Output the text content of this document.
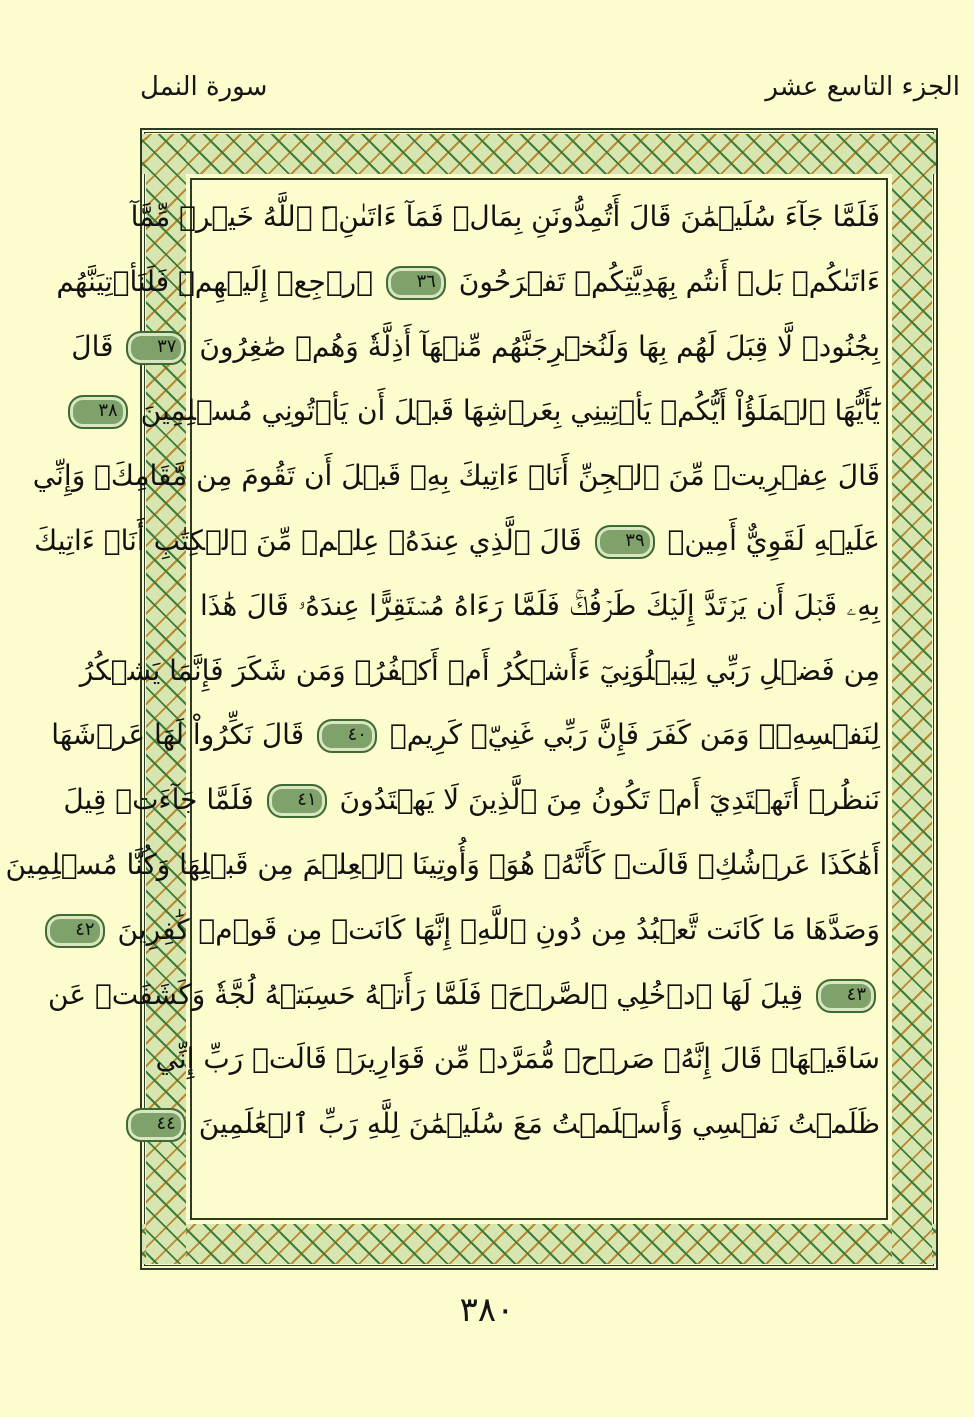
الجزء التاسع عشر
سورة النمل
فَلَمَّا جَآءَ سُلَيۡمَٰنَ قَالَ أَتُمِدُّونَنِ بِمَالٖ فَمَآ ءَاتَىٰنِۦَ ٱللَّهُ خَيۡرٞ مِّمَّآ
ءَاتَىٰكُمۚ بَلۡ أَنتُم بِهَدِيَّتِكُمۡ تَفۡرَحُونَ ٣٦ ٱرۡجِعۡ إِلَيۡهِمۡ فَلَنَأۡتِيَنَّهُم
بِجُنُودٖ لَّا قِبَلَ لَهُم بِهَا وَلَنُخۡرِجَنَّهُم مِّنۡهَآ أَذِلَّةٗ وَهُمۡ صَٰغِرُونَ ٣٧ قَالَ
يَٰٓأَيُّهَا ٱلۡمَلَؤُاْ أَيُّكُمۡ يَأۡتِينِي بِعَرۡشِهَا قَبۡلَ أَن يَأۡتُونِي مُسۡلِمِينَ ٣٨
قَالَ عِفۡرِيتٞ مِّنَ ٱلۡجِنِّ أَنَا۠ ءَاتِيكَ بِهِۦ قَبۡلَ أَن تَقُومَ مِن مَّقَامِكَۖ وَإِنِّي
عَلَيۡهِ لَقَوِيٌّ أَمِينٞ ٣٩ قَالَ ٱلَّذِي عِندَهُۥ عِلۡمٞ مِّنَ ٱلۡكِتَٰبِ أَنَا۠ ءَاتِيكَ
بِهِۦ قَبۡلَ أَن يَرۡتَدَّ إِلَيۡكَ طَرۡفُكَۚ فَلَمَّا رَءَاهُ مُسۡتَقِرًّا عِندَهُۥ قَالَ هَٰذَا
مِن فَضۡلِ رَبِّي لِيَبۡلُوَنِيٓ ءَأَشۡكُرُ أَمۡ أَكۡفُرُۖ وَمَن شَكَرَ فَإِنَّمَا يَشۡكُرُ
لِنَفۡسِهِۦۖ وَمَن كَفَرَ فَإِنَّ رَبِّي غَنِيّٞ كَرِيمٞ ٤٠ قَالَ نَكِّرُواْ لَهَا عَرۡشَهَا
نَنظُرۡ أَتَهۡتَدِيٓ أَمۡ تَكُونُ مِنَ ٱلَّذِينَ لَا يَهۡتَدُونَ ٤١ فَلَمَّا جَآءَتۡ قِيلَ
أَهَٰكَذَا عَرۡشُكِۖ قَالَتۡ كَأَنَّهُۥ هُوَۚ وَأُوتِينَا ٱلۡعِلۡمَ مِن قَبۡلِهَا وَكُنَّا مُسۡلِمِينَ
وَصَدَّهَا مَا كَانَت تَّعۡبُدُ مِن دُونِ ٱللَّهِۖ إِنَّهَا كَانَتۡ مِن قَوۡمٖ كَٰفِرِينَ ٤٢
٤٣ قِيلَ لَهَا ٱدۡخُلِي ٱلصَّرۡحَۖ فَلَمَّا رَأَتۡهُ حَسِبَتۡهُ لُجَّةٗ وَكَشَفَتۡ عَن
سَاقَيۡهَاۚ قَالَ إِنَّهُۥ صَرۡحٞ مُّمَرَّدٞ مِّن قَوَارِيرَۗ قَالَتۡ رَبِّ إِنِّي
ظَلَمۡتُ نَفۡسِي وَأَسۡلَمۡتُ مَعَ سُلَيۡمَٰنَ لِلَّهِ رَبِّ ٱلۡعَٰلَمِينَ ٤٤
٣٨٠
